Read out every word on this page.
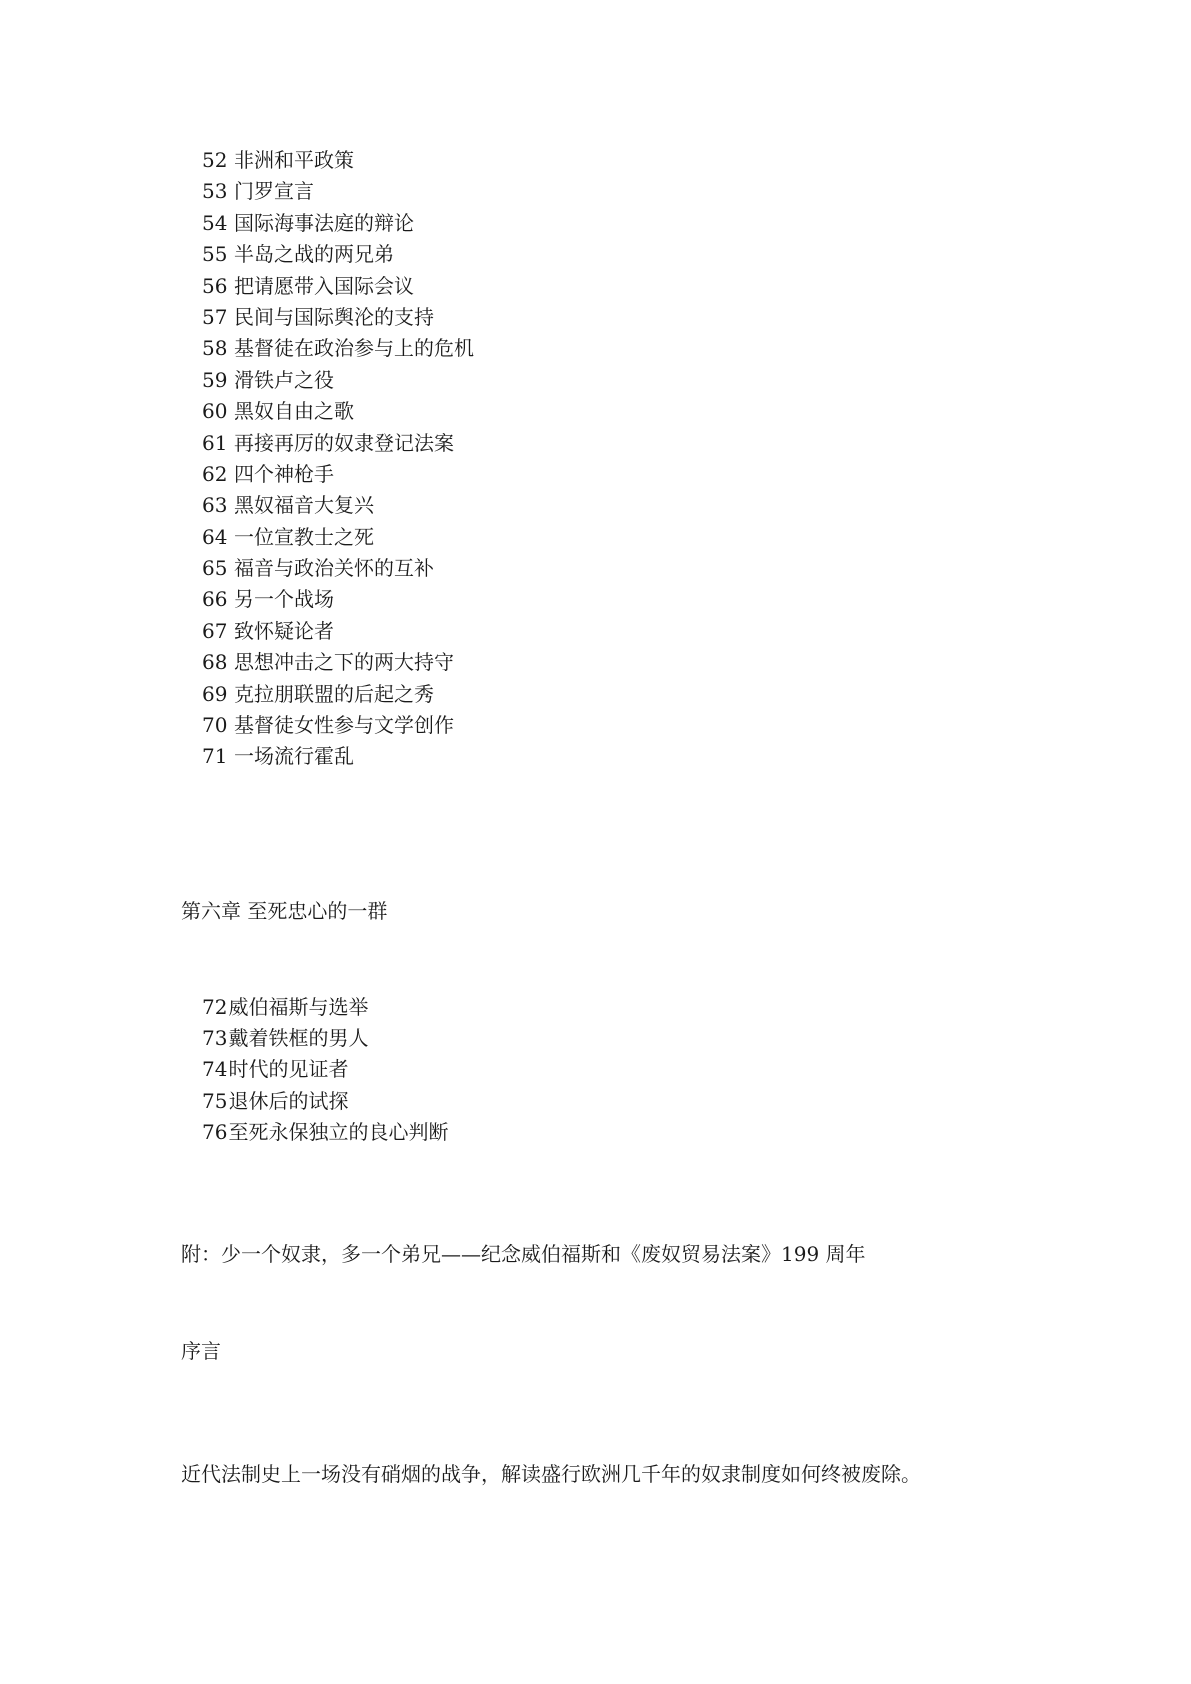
52 非洲和平政策
53 门罗宣言
54 国际海事法庭的辩论
55 半岛之战的两兄弟
56 把请愿带入国际会议
57 民间与国际舆沦的支持
58 基督徒在政治参与上的危机
59 滑铁卢之役
60 黑奴自由之歌
61 再接再厉的奴隶登记法案
62 四个神枪手
63 黑奴福音大复兴
64 一位宣教士之死
65 福音与政治关怀的互补
66 另一个战场
67 致怀疑论者
68 思想冲击之下的两大持守
69 克拉朋联盟的后起之秀
70 基督徒女性参与文学创作
71 一场流行霍乱
第六章 至死忠心的一群
72威伯福斯与选举
73戴着铁框的男人
74时代的见证者
75退休后的试探
76至死永保独立的良心判断
附：少一个奴隶，多一个弟兄——纪念威伯福斯和《废奴贸易法案》199 周年
序言
近代法制史上一场没有硝烟的战争，解读盛行欧洲几千年的奴隶制度如何终被废除。
